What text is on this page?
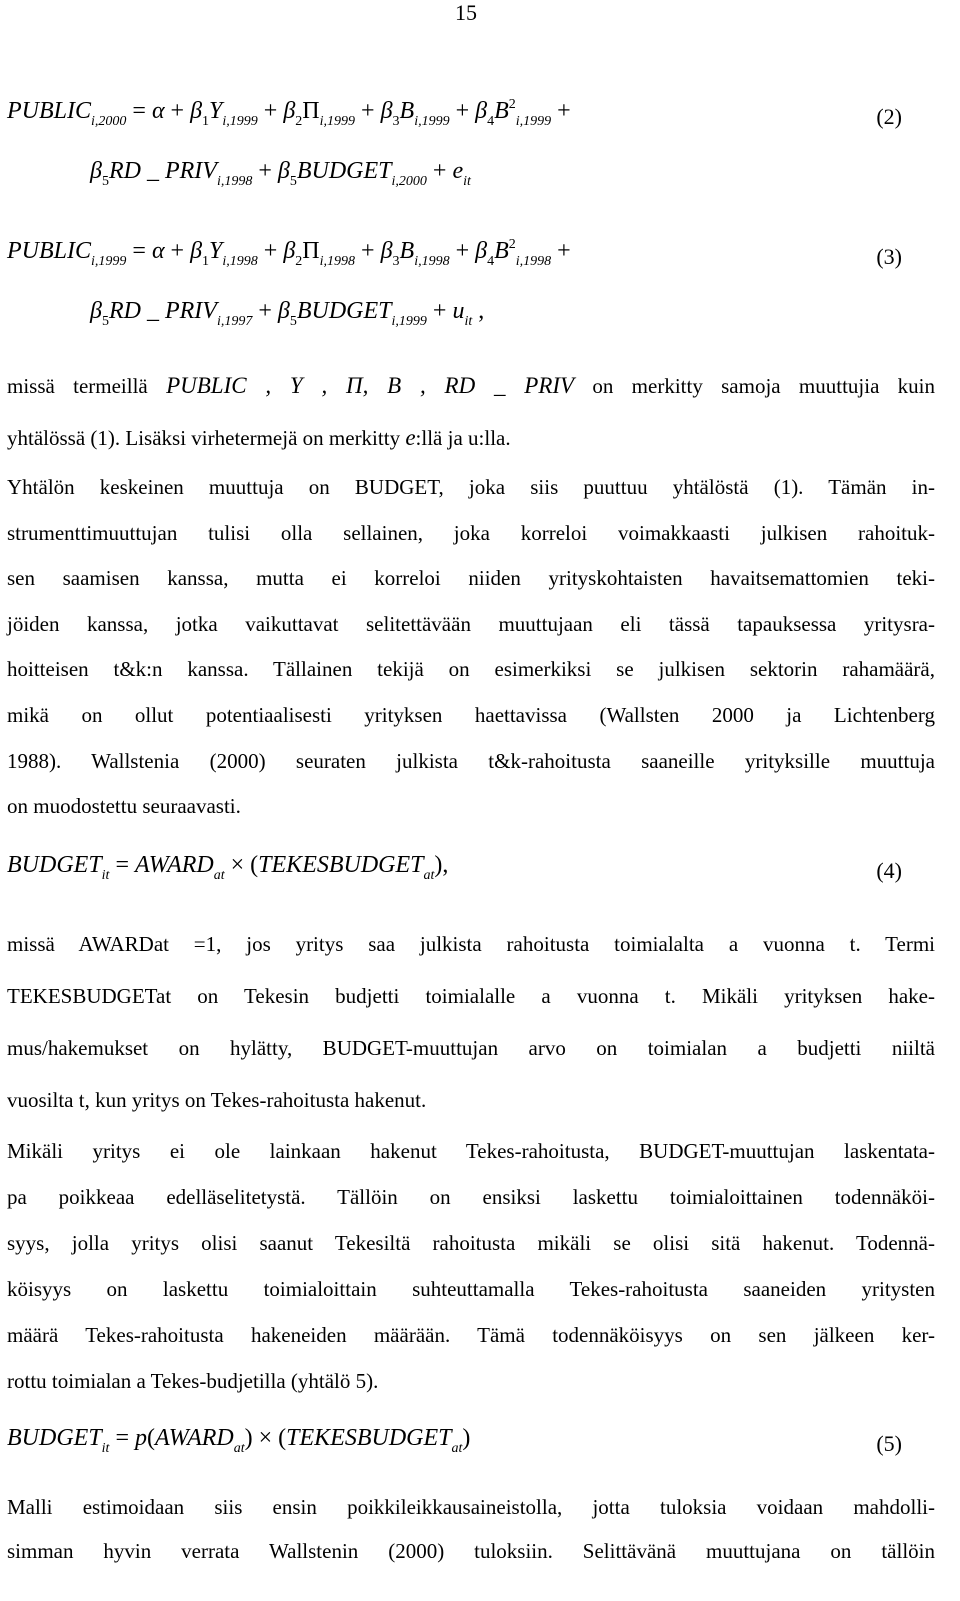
15
$PUBLIC_{i,2000} = \alpha + \beta_1Y_{i,1999} + \beta_2\Pi_{i,1999} + \beta_3B_{i,1999} + \beta_4B^2_{i,1999}$ +	(2)
$\beta_5RD$ _ $PRIV_{i,1998}$ + $\beta_5BUDGET_{i,2000} + e_{it}$
$PUBLIC_{i,1999} = \alpha + \beta_1Y_{i,1998} + \beta_2\Pi_{i,1998} + \beta_3B_{i,1998} + \beta_4B^2_{i,1998}$ +	(3)
$\beta_5RD$ _ $PRIV_{i,1997}$ + $\beta_5BUDGET_{i,1999} + u_{it}$ ,
missä termeillä PUBLIC , Y , Π, B , RD _ PRIV on merkitty samoja muuttujia kuin
yhtälössä (1). Lisäksi virhetermejä on merkitty e:llä ja u:lla.
Yhtälön keskeinen muuttuja on BUDGET, joka siis puuttuu yhtälöstä (1). Tämän in-
strumenttimuuttujan tulisi olla sellainen, joka korreloi voimakkaasti julkisen rahoituk-
sen saamisen kanssa, mutta ei korreloi niiden yrityskohtaisten havaitsemattomien teki-
jöiden kanssa, jotka vaikuttavat selitettävään muuttujaan eli tässä tapauksessa yritysra-
hoitteisen t&k:n kanssa. Tällainen tekijä on esimerkiksi se julkisen sektorin rahamäärä,
mikä on ollut potentiaalisesti yrityksen haettavissa (Wallsten 2000 ja Lichtenberg
1988). Wallstenia (2000) seuraten julkista t&k-rahoitusta saaneille yrityksille muuttuja
on muodostettu seuraavasti.
$BUDGET_{it}$ = $AWARD_{at}$ × $(TEKESBUDGET_{at})$,	(4)
missä AWARDat =1, jos yritys saa julkista rahoitusta toimialalta a vuonna t. Termi
TEKESBUDGETat on Tekesin budjetti toimialalle a vuonna t. Mikäli yrityksen hake-
mus/hakemukset on hylätty, BUDGET-muuttujan arvo on toimialan a budjetti niiltä
vuosilta t, kun yritys on Tekes-rahoitusta hakenut.
Mikäli yritys ei ole lainkaan hakenut Tekes-rahoitusta, BUDGET-muuttujan laskentata-
pa poikkeaa edelläselitetystä. Tällöin on ensiksi laskettu toimialoittainen todennäköi-
syys, jolla yritys olisi saanut Tekesiltä rahoitusta mikäli se olisi sitä hakenut. Todennä-
köisyys on laskettu toimialoittain suhteuttamalla Tekes-rahoitusta saaneiden yritysten
määrä Tekes-rahoitusta hakeneiden määrään. Tämä todennäköisyys on sen jälkeen ker-
rottu toimialan a Tekes-budjetilla (yhtälö 5).
$BUDGET_{it}$ = $p(AWARD_{at})$ × $(TEKESBUDGET_{at})$	(5)
Malli estimoidaan siis ensin poikkileikkausaineistolla, jotta tuloksia voidaan mahdolli-
simman hyvin verrata Wallstenin (2000) tuloksiin. Selittävänä muuttujana on tällöin
